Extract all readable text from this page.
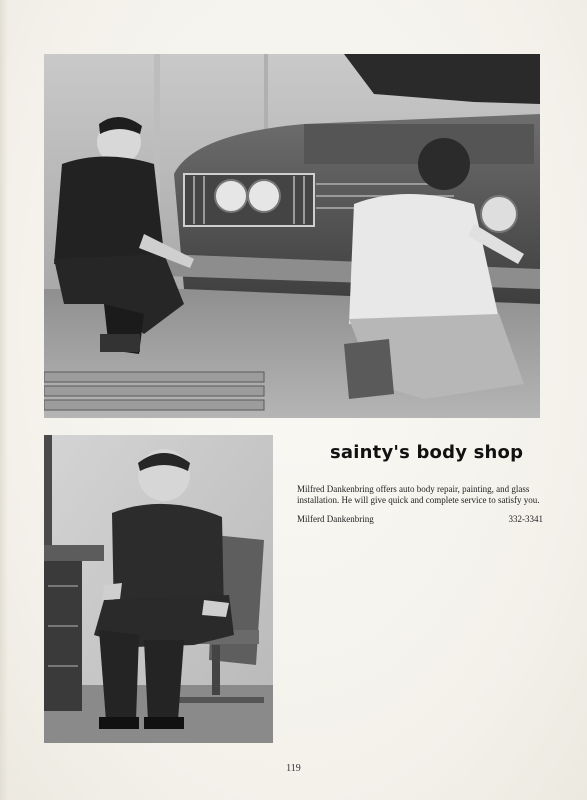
sainty's body shop
Milfred Dankenbring offers auto body repair, painting, and glass installation. He will give quick and complete service to satisfy you.
Milferd Dankenbring	332-3341
119
